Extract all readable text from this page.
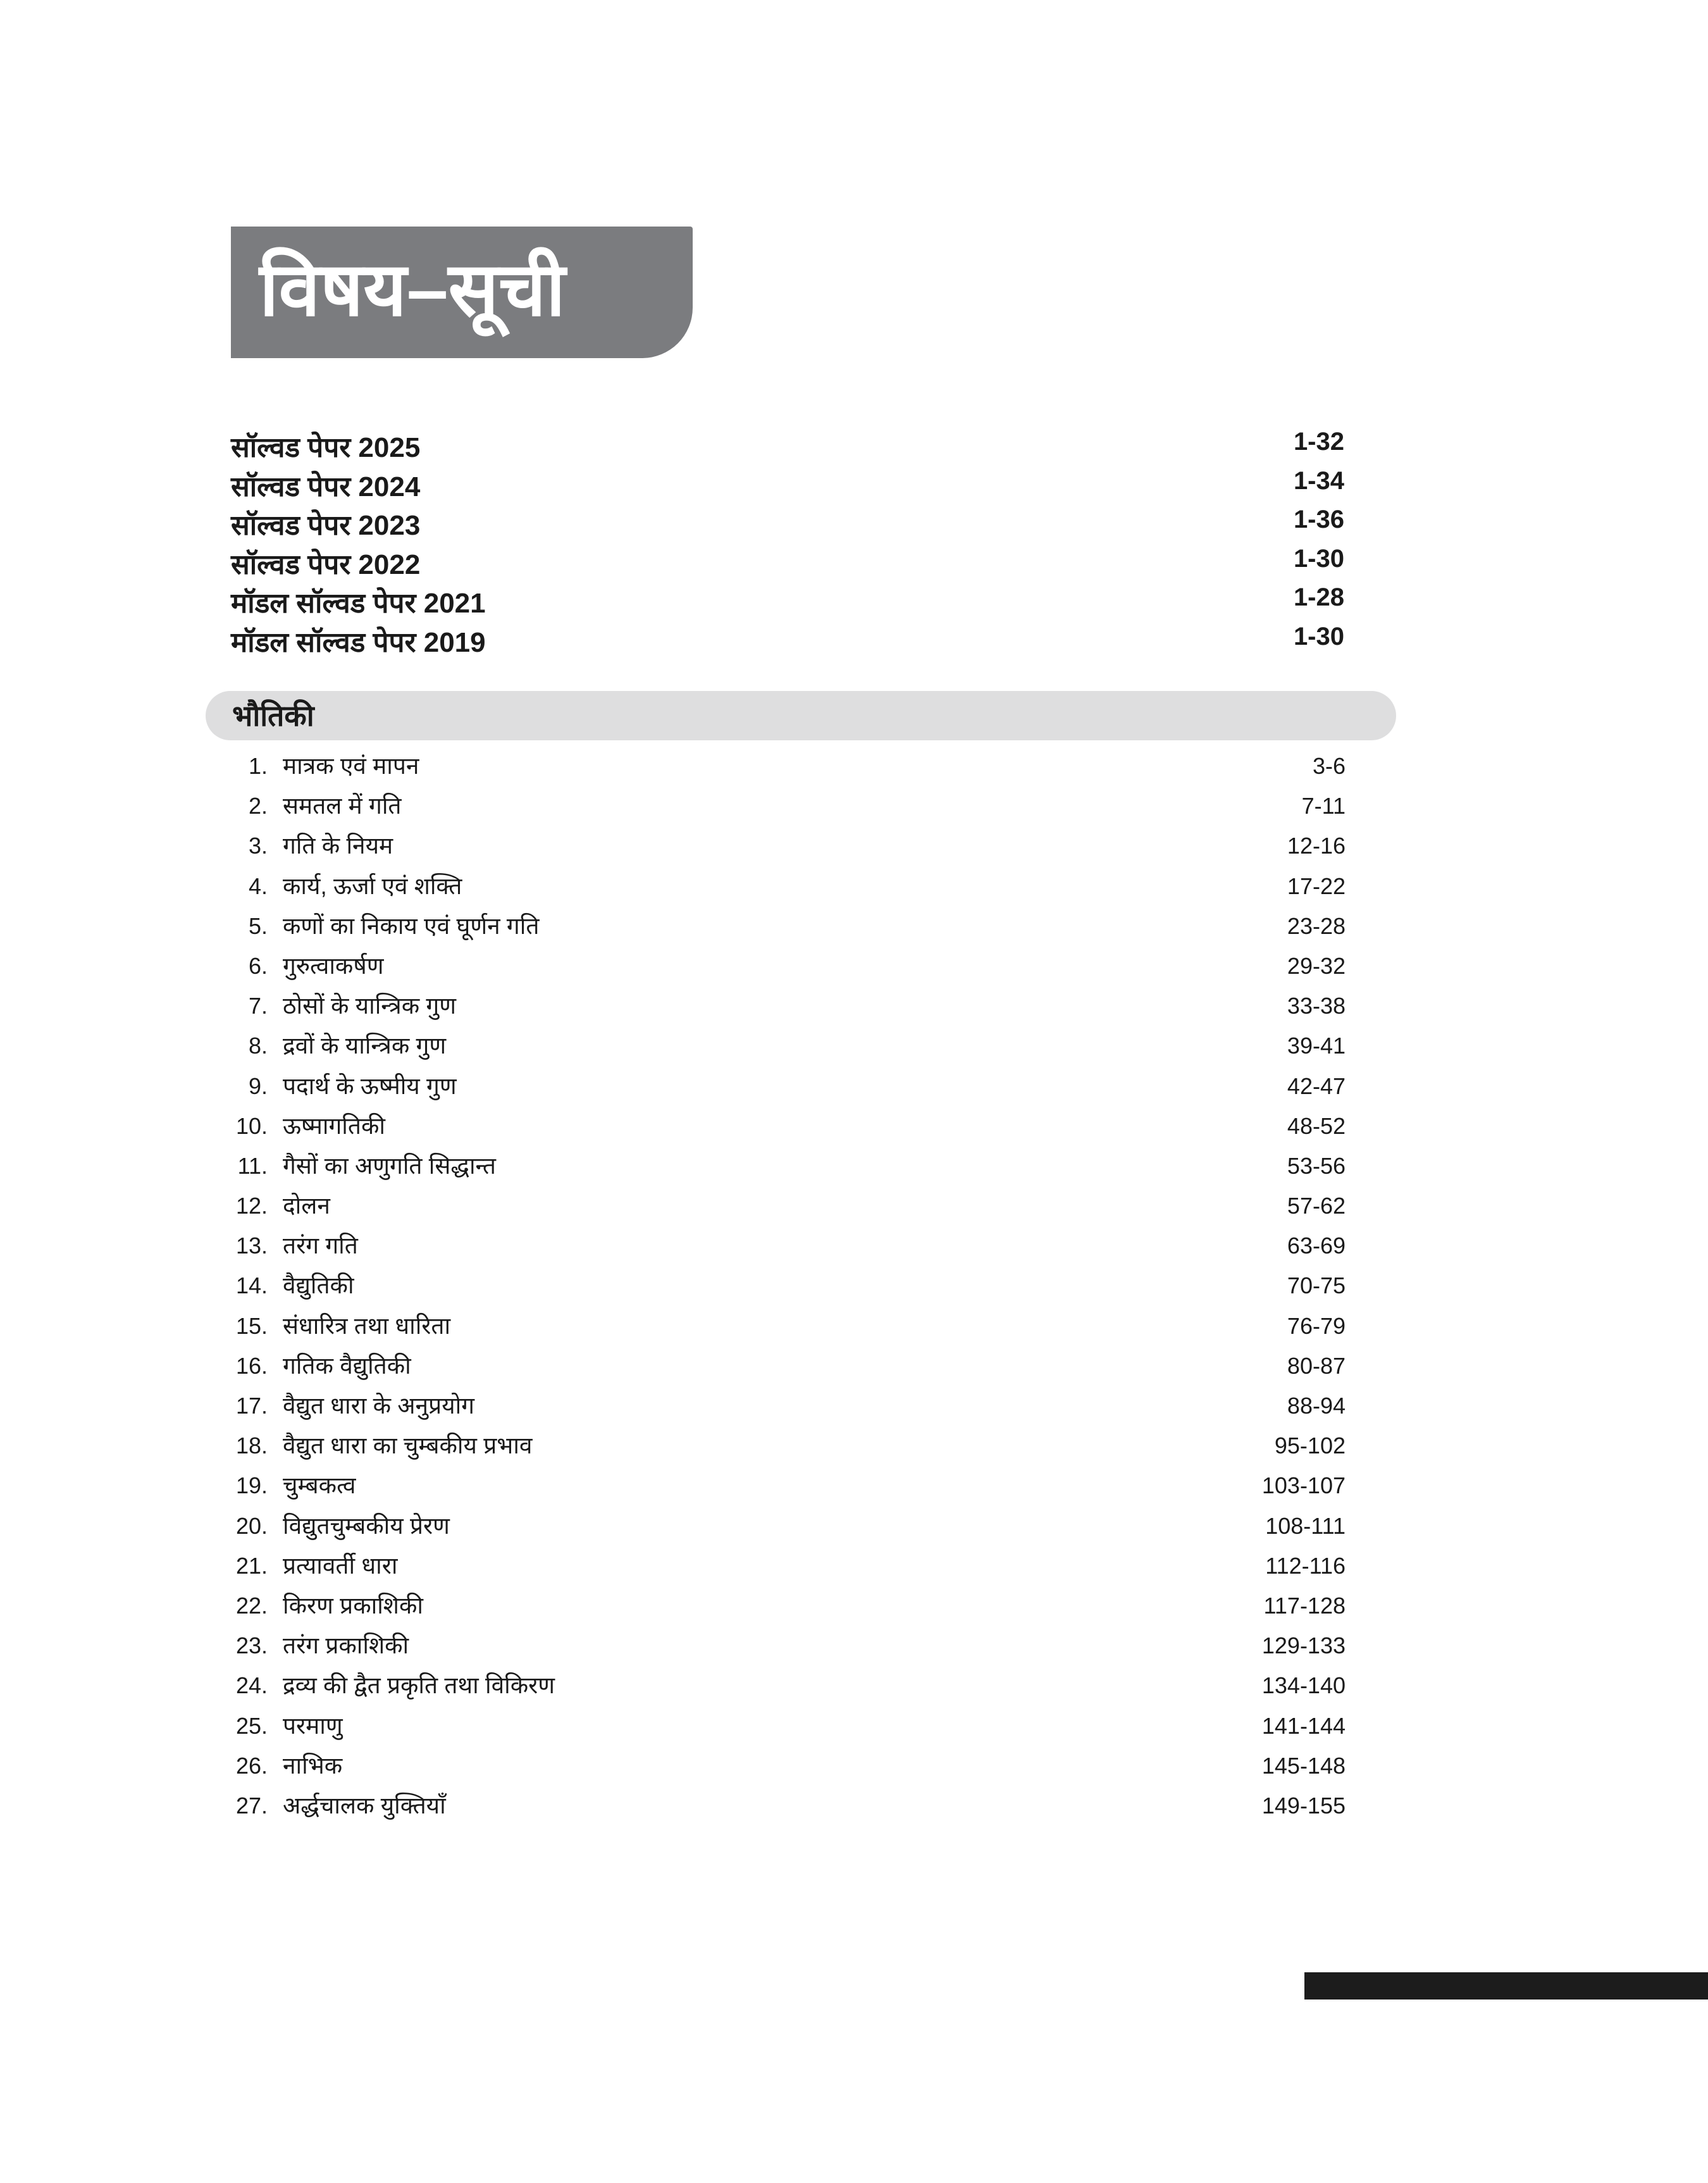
विषय–सूची
सॉल्वड पेपर 2025	1-32
सॉल्वड पेपर 2024	1-34
सॉल्वड पेपर 2023	1-36
सॉल्वड पेपर 2022	1-30
मॉडल सॉल्वड पेपर 2021	1-28
मॉडल सॉल्वड पेपर 2019	1-30
भौतिकी
1. मात्रक एवं मापन	3-6
2. समतल में गति	7-11
3. गति के नियम	12-16
4. कार्य, ऊर्जा एवं शक्ति	17-22
5. कणों का निकाय एवं घूर्णन गति	23-28
6. गुरुत्वाकर्षण	29-32
7. ठोसों के यान्त्रिक गुण	33-38
8. द्रवों के यान्त्रिक गुण	39-41
9. पदार्थ के ऊष्मीय गुण	42-47
10. ऊष्मागतिकी	48-52
11. गैसों का अणुगति सिद्धान्त	53-56
12. दोलन	57-62
13. तरंग गति	63-69
14. वैद्युतिकी	70-75
15. संधारित्र तथा धारिता	76-79
16. गतिक वैद्युतिकी	80-87
17. वैद्युत धारा के अनुप्रयोग	88-94
18. वैद्युत धारा का चुम्बकीय प्रभाव	95-102
19. चुम्बकत्व	103-107
20. विद्युतचुम्बकीय प्रेरण	108-111
21. प्रत्यावर्ती धारा	112-116
22. किरण प्रकाशिकी	117-128
23. तरंग प्रकाशिकी	129-133
24. द्रव्य की द्वैत प्रकृति तथा विकिरण	134-140
25. परमाणु	141-144
26. नाभिक	145-148
27. अर्द्धचालक युक्तियाँ	149-155
